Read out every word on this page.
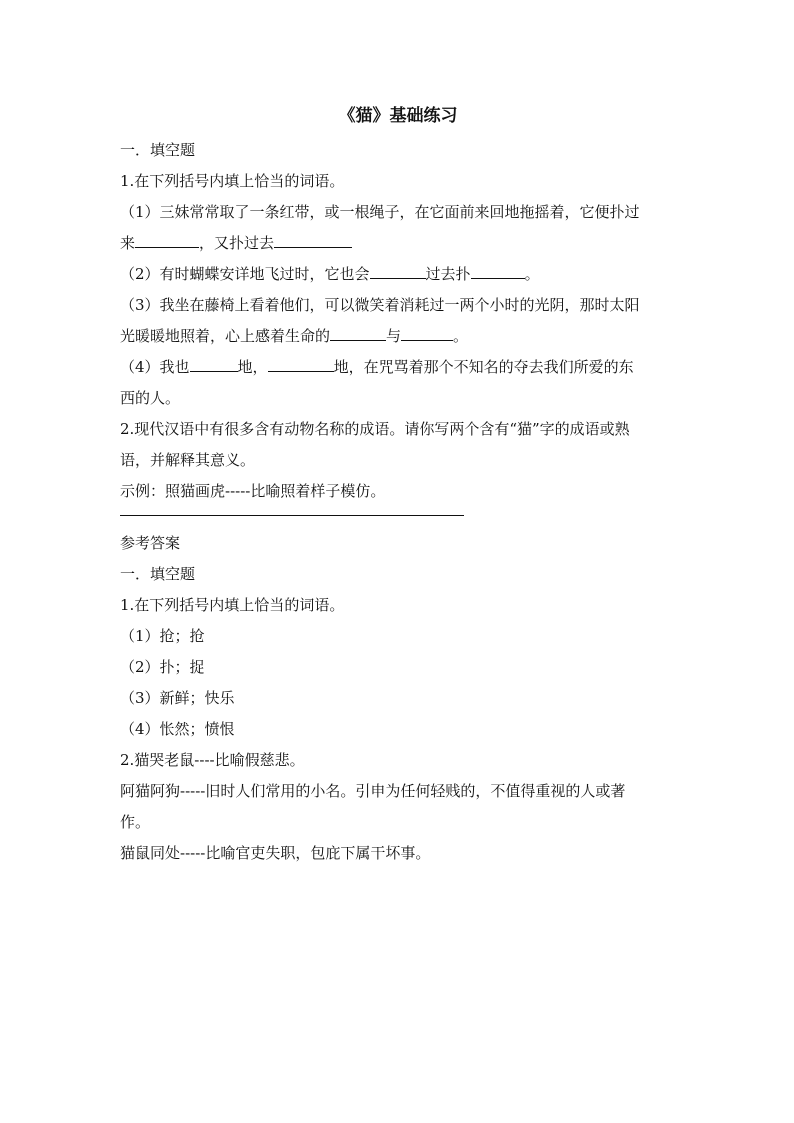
《猫》基础练习
一．填空题
1.在下列括号内填上恰当的词语。
（1）三妹常常取了一条红带，或一根绳子，在它面前来回地拖摇着，它便扑过
来	，又扑过去
（2）有时蝴蝶安详地飞过时，它也会	过去扑	。
（3）我坐在藤椅上看着他们，可以微笑着消耗过一两个小时的光阴，那时太阳
光暖暖地照着，心上感着生命的	与	。
（4）我也	地，	地，在咒骂着那个不知名的夺去我们所爱的东
西的人。
2.现代汉语中有很多含有动物名称的成语。请你写两个含有“猫”字的成语或熟
语，并解释其意义。
示例：照猫画虎-----比喻照着样子模仿。
参考答案
一．填空题
1.在下列括号内填上恰当的词语。
（1）抢；抢
（2）扑；捉
（3）新鲜；快乐
（4）怅然；愤恨
2.猫哭老鼠----比喻假慈悲。
阿猫阿狗-----旧时人们常用的小名。引申为任何轻贱的，不值得重视的人或著
作。
猫鼠同处-----比喻官吏失职，包庇下属干坏事。
